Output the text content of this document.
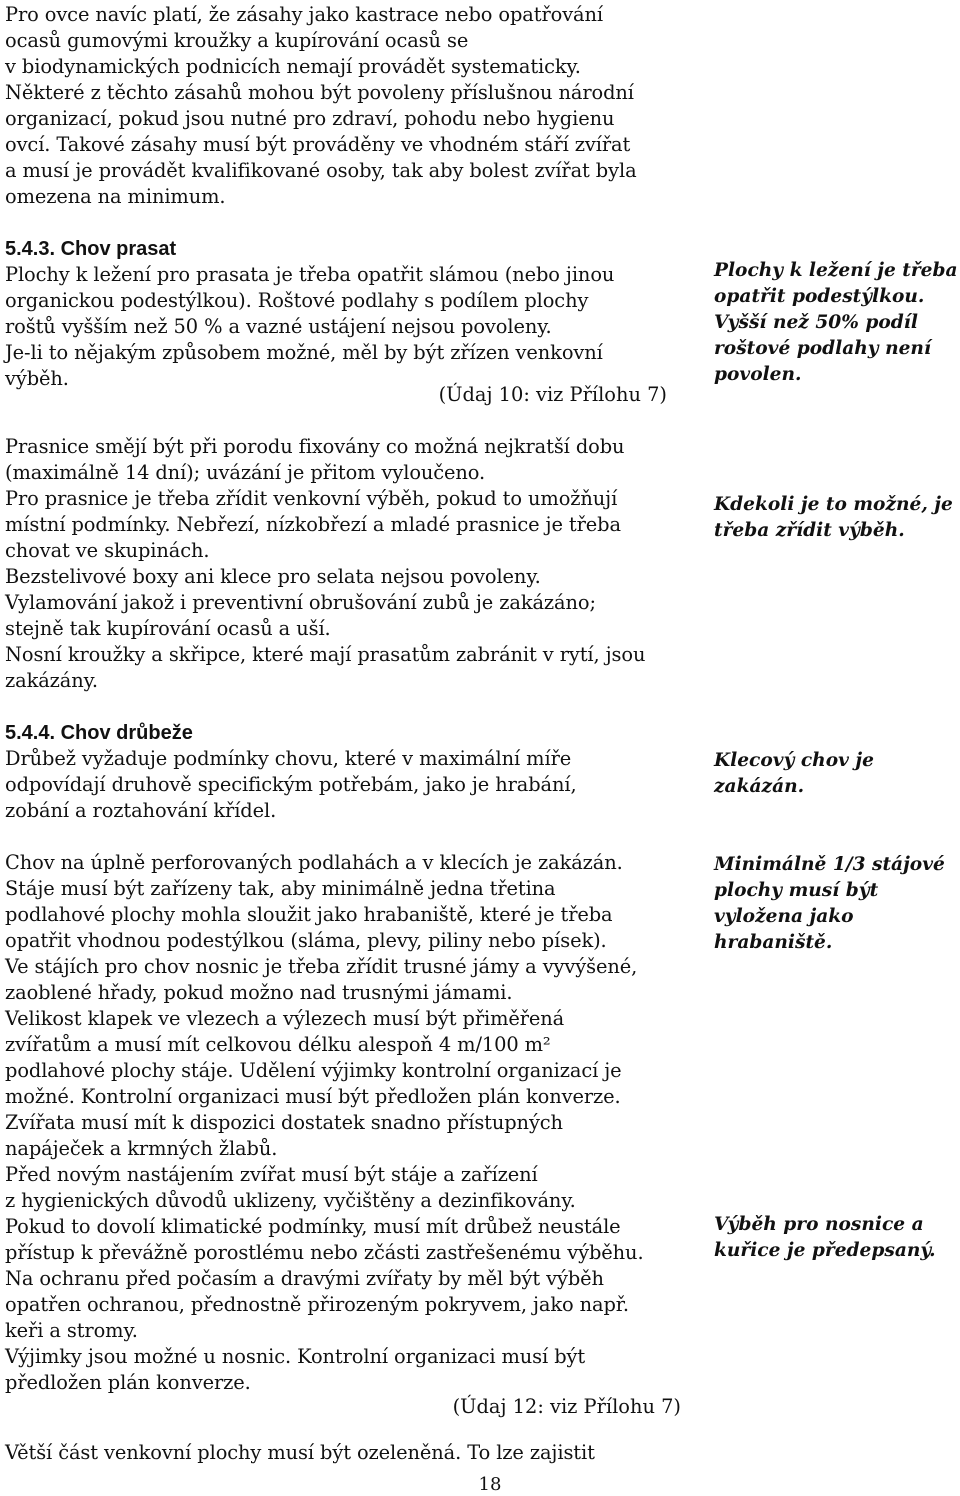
Pro ovce navíc platí, že zásahy jako kastrace nebo opatřování

ocasů gumovými kroužky a kupírování ocasů se

v biodynamických podnicích nemají provádět systematicky.

Některé z těchto zásahů mohou být povoleny příslušnou národní

organizací, pokud jsou nutné pro zdraví, pohodu nebo hygienu

ovcí. Takové zásahy musí být prováděny ve vhodném stáří zvířat

a musí je provádět kvalifikované osoby, tak aby bolest zvířat byla

omezena na minimum.

5.4.3. Chov prasat

Plochy k ležení pro prasata je třeba opatřit slámou (nebo jinou

organickou podestýlkou). Roštové podlahy s podílem plochy

roštů vyšším než 50 % a vazné ustájení nejsou povoleny.

Je-li to nějakým způsobem možné, měl by být zřízen venkovní

výběh.

(Údaj 10: viz Přílohu 7)

Prasnice smějí být při porodu fixovány co možná nejkratší dobu

(maximálně 14 dní); uvázání je přitom vyloučeno.

Pro prasnice je třeba zřídit venkovní výběh, pokud to umožňují

místní podmínky. Nebřezí, nízkobřezí a mladé prasnice je třeba

chovat ve skupinách.

Bezstelivové boxy ani klece pro selata nejsou povoleny.

Vylamování jakož i preventivní obrušování zubů je zakázáno;

stejně tak kupírování ocasů a uší.

Nosní kroužky a skřipce, které mají prasatům zabránit v rytí, jsou

zakázány.

5.4.4. Chov drůbeže

Drůbež vyžaduje podmínky chovu, které v maximální míře

odpovídají druhově specifickým potřebám, jako je hrabání,

zobání a roztahování křídel.

Chov na úplně perforovaných podlahách a v klecích je zakázán.

Stáje musí být zařízeny tak, aby minimálně jedna třetina

podlahové plochy mohla sloužit jako hrabaniště, které je třeba

opatřit vhodnou podestýlkou (sláma, plevy, piliny nebo písek).

Ve stájích pro chov nosnic je třeba zřídit trusné jámy a vyvýšené,

zaoblené hřady, pokud možno nad trusnými jámami.

Velikost klapek ve vlezech a výlezech musí být přiměřená

zvířatům a musí mít celkovou délku alespoň 4 m/100 m²

podlahové plochy stáje. Udělení výjimky kontrolní organizací je

možné. Kontrolní organizaci musí být předložen plán konverze.

Zvířata musí mít k dispozici dostatek snadno přístupných

napáječek a krmných žlabů.

Před novým nastájením zvířat musí být stáje a zařízení

z hygienických důvodů uklizeny, vyčištěny a dezinfikovány.

Pokud to dovolí klimatické podmínky, musí mít drůbež neustále

přístup k převážně porostlému nebo zčásti zastřešenému výběhu.

Na ochranu před počasím a dravými zvířaty by měl být výběh

opatřen ochranou, přednostně přirozeným pokryvem, jako např.

keři a stromy.

Výjimky jsou možné u nosnic. Kontrolní organizaci musí být

předložen plán konverze.

(Údaj 12: viz Přílohu 7)

Větší část venkovní plochy musí být ozeleněná. To lze zajistit

Plochy k ležení je třeba opatřit podestýlkou. Vyšší než 50% podíl roštové podlahy není povolen.

Kdekoli je to možné, je třeba zřídit výběh.

Klecový chov je zakázán.

Minimálně 1/3 stájové plochy musí být vyložena jako hrabaniště.

Výběh pro nosnice a kuřice je předepsaný.

18
